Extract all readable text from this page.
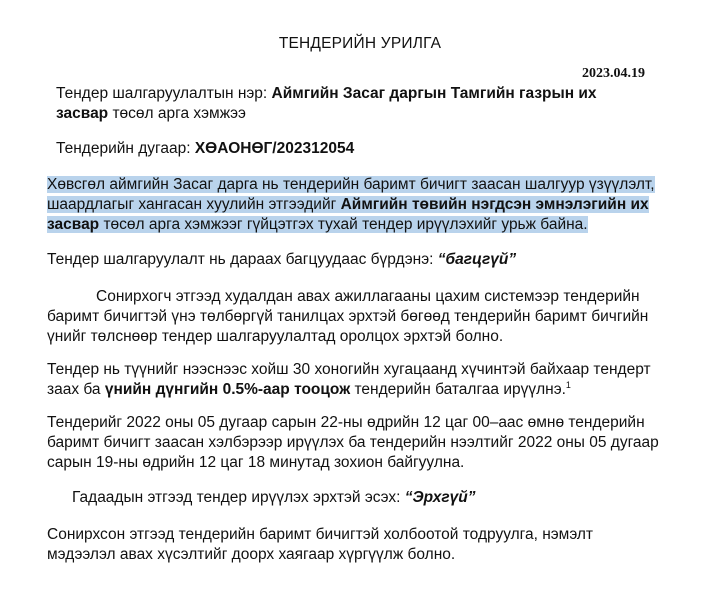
ТЕНДЕРИЙН УРИЛГА
2023.04.19

Тендер шалгаруулалтын нэр: Аймгийн Засаг даргын Тамгийн газрын их

засвар төсөл арга хэмжээ

Тендерийн дугаар: ХӨАОНӨГ/202312054

Хөвсгөл аймгийн Засаг дарга нь тендерийн баримт бичигт заасан шалгуур үзүүлэлт,

шаардлагыг хангасан хуулийн этгээдийг Аймгийн төвийн нэгдсэн эмнэлэгийн их

засвар төсөл арга хэмжээг гүйцэтгэх тухай тендер ирүүлэхийг урьж байна.

Тендер шалгаруулалт нь дараах багцуудаас бүрдэнэ: “багцгүй”

Сонирхогч этгээд худалдан авах ажиллагааны цахим системээр тендерийн

баримт бичигтэй үнэ төлбөргүй танилцах эрхтэй бөгөөд тендерийн баримт бичгийн

үнийг төлснөөр тендер шалгаруулалтад оролцох эрхтэй болно.

Тендер нь түүнийг нээснээс хойш 30 хоногийн хугацаанд хүчинтэй байхаар тендерт

заах ба үнийн дүнгийн 0.5%-аар тооцож тендерийн баталгаа ирүүлнэ.$^1$

Тендерийг 2022 оны 05 дугаар сарын 22-ны өдрийн 12 цаг 00–аас өмнө тендерийн

баримт бичигт заасан хэлбэрээр ирүүлэх ба тендерийн нээлтийг 2022 оны 05 дугаар

сарын 19-ны өдрийн 12 цаг 18 минутад зохион байгуулна.

Гадаадын этгээд тендер ирүүлэх эрхтэй эсэх: “Эрхгүй”

Сонирхсон этгээд тендерийн баримт бичигтэй холбоотой тодруулга, нэмэлт

мэдээлэл авах хүсэлтийг доорх хаягаар хүргүүлж болно.
